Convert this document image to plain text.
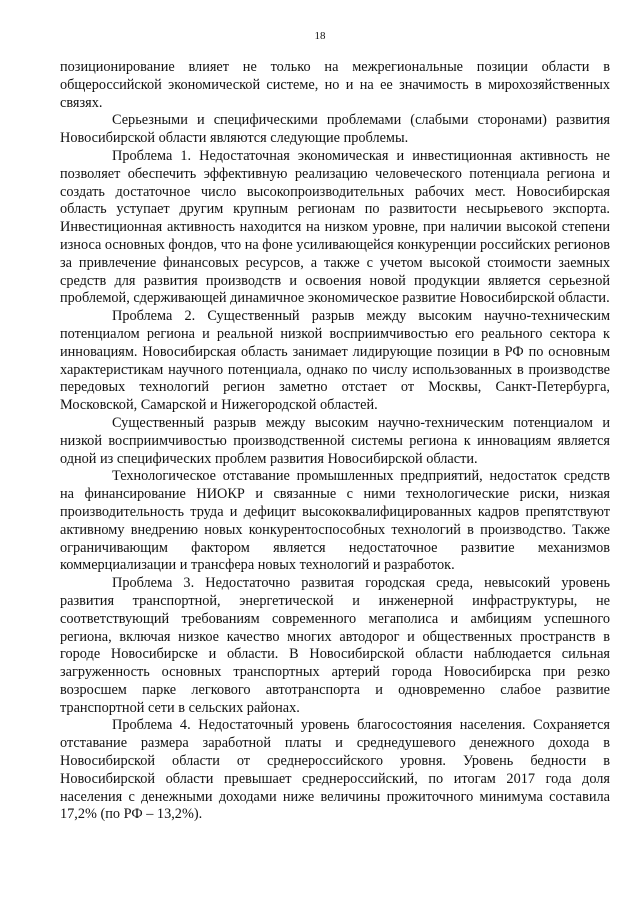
18

позиционирование влияет не только на межрегиональные позиции области в общероссийской экономической системе, но и на ее значимость в мирохозяйственных связях.

Серьезными и специфическими проблемами (слабыми сторонами) развития Новосибирской области являются следующие проблемы.

Проблема 1. Недостаточная экономическая и инвестиционная активность не позволяет обеспечить эффективную реализацию человеческого потенциала региона и создать достаточное число высокопроизводительных рабочих мест. Новосибирская область уступает другим крупным регионам по развитости несырьевого экспорта. Инвестиционная активность находится на низком уровне, при наличии высокой степени износа основных фондов, что на фоне усиливающейся конкуренции российских регионов за привлечение финансовых ресурсов, а также с учетом высокой стоимости заемных средств для развития производств и освоения новой продукции является серьезной проблемой, сдерживающей динамичное экономическое развитие Новосибирской области.

Проблема 2. Существенный разрыв между высоким научно-техническим потенциалом региона и реальной низкой восприимчивостью его реального сектора к инновациям. Новосибирская область занимает лидирующие позиции в РФ по основным характеристикам научного потенциала, однако по числу использованных в производстве передовых технологий регион заметно отстает от Москвы, Санкт-Петербурга, Московской, Самарской и Нижегородской областей.

Существенный разрыв между высоким научно-техническим потенциалом и низкой восприимчивостью производственной системы региона к инновациям является одной из специфических проблем развития Новосибирской области.

Технологическое отставание промышленных предприятий, недостаток средств на финансирование НИОКР и связанные с ними технологические риски, низкая производительность труда и дефицит высококвалифицированных кадров препятствуют активному внедрению новых конкурентоспособных технологий в производство. Также ограничивающим фактором является недостаточное развитие механизмов коммерциализации и трансфера новых технологий и разработок.

Проблема 3. Недостаточно развитая городская среда, невысокий уровень развития транспортной, энергетической и инженерной инфраструктуры, не соответствующий требованиям современного мегаполиса и амбициям успешного региона, включая низкое качество многих автодорог и общественных пространств в городе Новосибирске и области. В Новосибирской области наблюдается сильная загруженность основных транспортных артерий города Новосибирска при резко возросшем парке легкового автотранспорта и одновременно слабое развитие транспортной сети в сельских районах.

Проблема 4. Недостаточный уровень благосостояния населения. Сохраняется отставание размера заработной платы и среднедушевого денежного дохода в Новосибирской области от среднероссийского уровня. Уровень бедности в Новосибирской области превышает среднероссийский, по итогам 2017 года доля населения с денежными доходами ниже величины прожиточного минимума составила 17,2% (по РФ – 13,2%).
